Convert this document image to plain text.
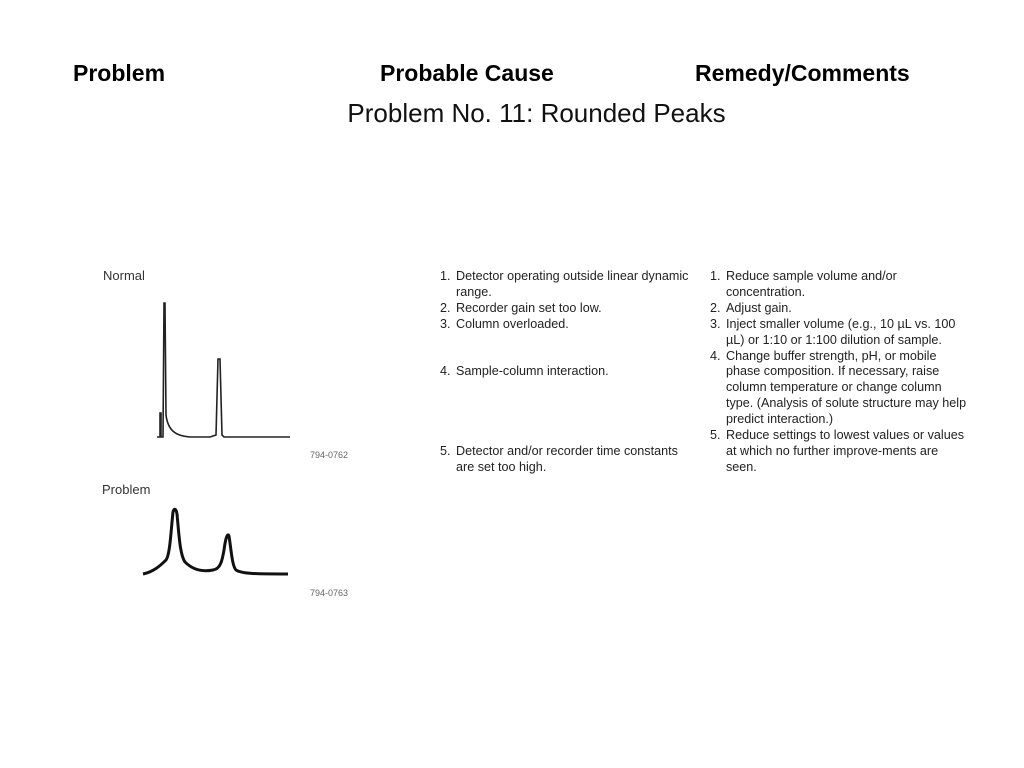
Problem	Probable Cause	Remedy/Comments
Problem No. 11: Rounded Peaks
Normal
794-0762
Problem
794-0763
1. Detector operating outside linear dynamic range.
2. Recorder gain set too low.
3. Column overloaded.
4. Sample-column interaction.
5. Detector and/or recorder time constants are set too high.
1. Reduce sample volume and/or concentration.
2. Adjust gain.
3. Inject smaller volume (e.g., 10 µL vs. 100 µL) or 1:10 or 1:100 dilution of sample.
4. Change buffer strength, pH, or mobile phase composition. If necessary, raise column temperature or change column type. (Analysis of solute structure may help predict interaction.)
5. Reduce settings to lowest values or values at which no further improve-ments are seen.
